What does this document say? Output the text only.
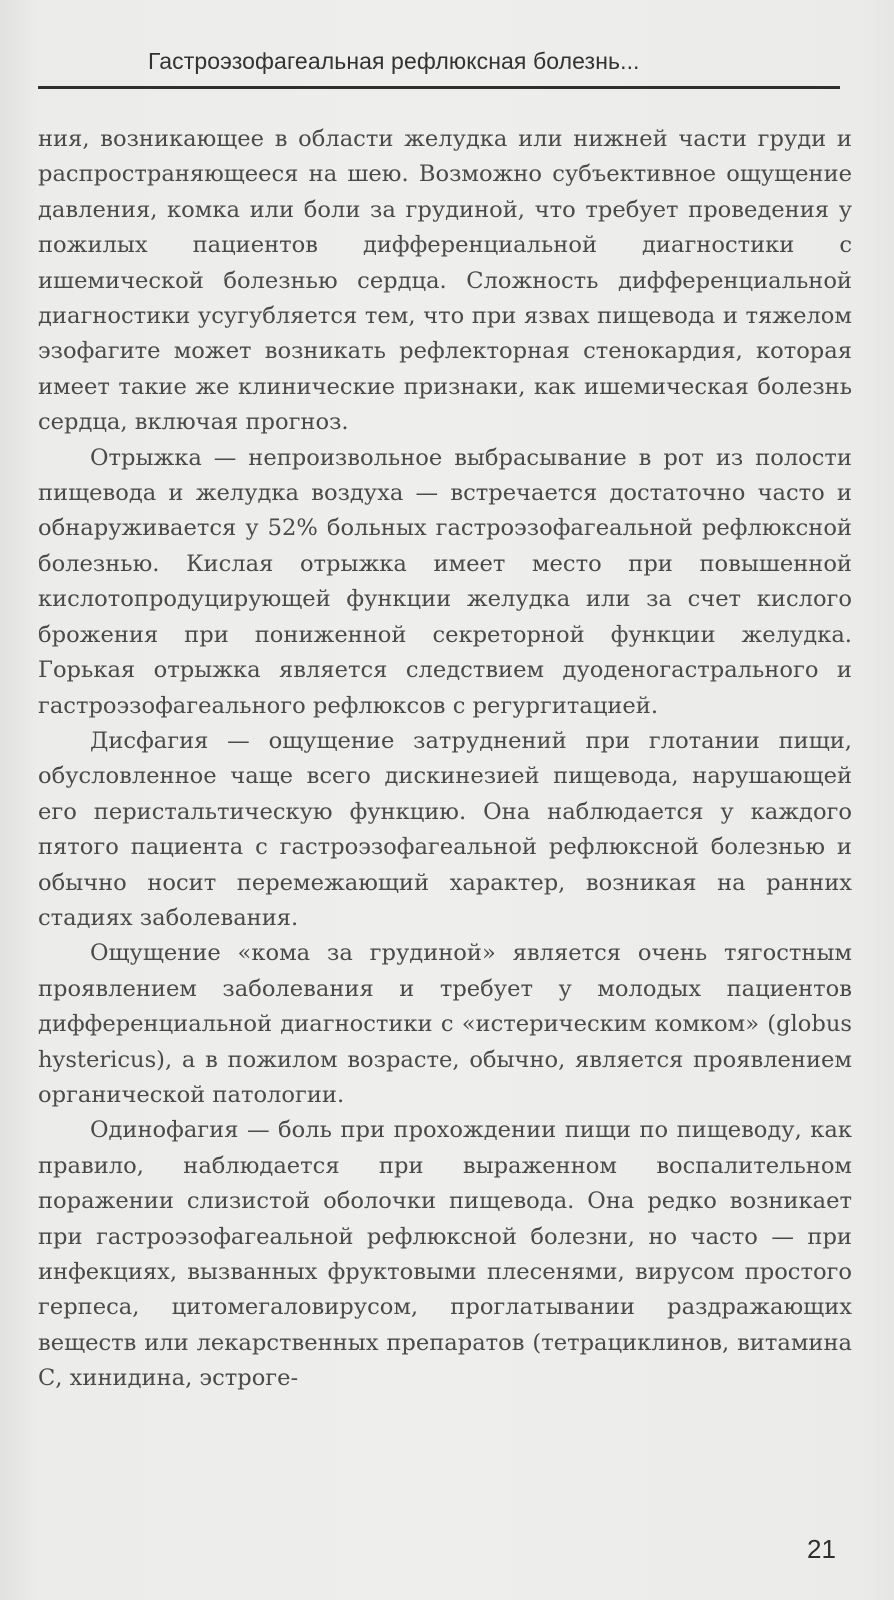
Гастроэзофагеальная рефлюксная болезнь...

ния, возникающее в области желудка или нижней части груди и распространяющееся на шею. Возможно субъективное ощущение давления, комка или боли за грудиной, что требует проведения у пожилых пациентов дифференциальной диагностики с ишемической болезнью сердца. Сложность дифференциальной диагностики усугубляется тем, что при язвах пищевода и тяжелом эзофагите может возникать рефлекторная стенокардия, которая имеет такие же клинические признаки, как ишемическая болезнь сердца, включая прогноз.

Отрыжка — непроизвольное выбрасывание в рот из полости пищевода и желудка воздуха — встречается достаточно часто и обнаруживается у 52% больных гастроэзофагеальной рефлюксной болезнью. Кислая отрыжка имеет место при повышенной кислотопродуцирующей функции желудка или за счет кислого брожения при пониженной секреторной функции желудка. Горькая отрыжка является следствием дуоденогастрального и гастроэзофагеального рефлюксов с регургитацией.

Дисфагия — ощущение затруднений при глотании пищи, обусловленное чаще всего дискинезией пищевода, нарушающей его перистальтическую функцию. Она наблюдается у каждого пятого пациента с гастроэзофагеальной рефлюксной болезнью и обычно носит перемежающий характер, возникая на ранних стадиях заболевания.

Ощущение «кома за грудиной» является очень тягостным проявлением заболевания и требует у молодых пациентов дифференциальной диагностики с «истерическим комком» (globus hystericus), а в пожилом возрасте, обычно, является проявлением органической патологии.

Одинофагия — боль при прохождении пищи по пищеводу, как правило, наблюдается при выраженном воспалительном поражении слизистой оболочки пищевода. Она редко возникает при гастроэзофагеальной рефлюксной болезни, но часто — при инфекциях, вызванных фруктовыми плесенями, вирусом простого герпеса, цитомегаловирусом, проглатывании раздражающих веществ или лекарственных препаратов (тетрациклинов, витамина С, хинидина, эстроге-

21
